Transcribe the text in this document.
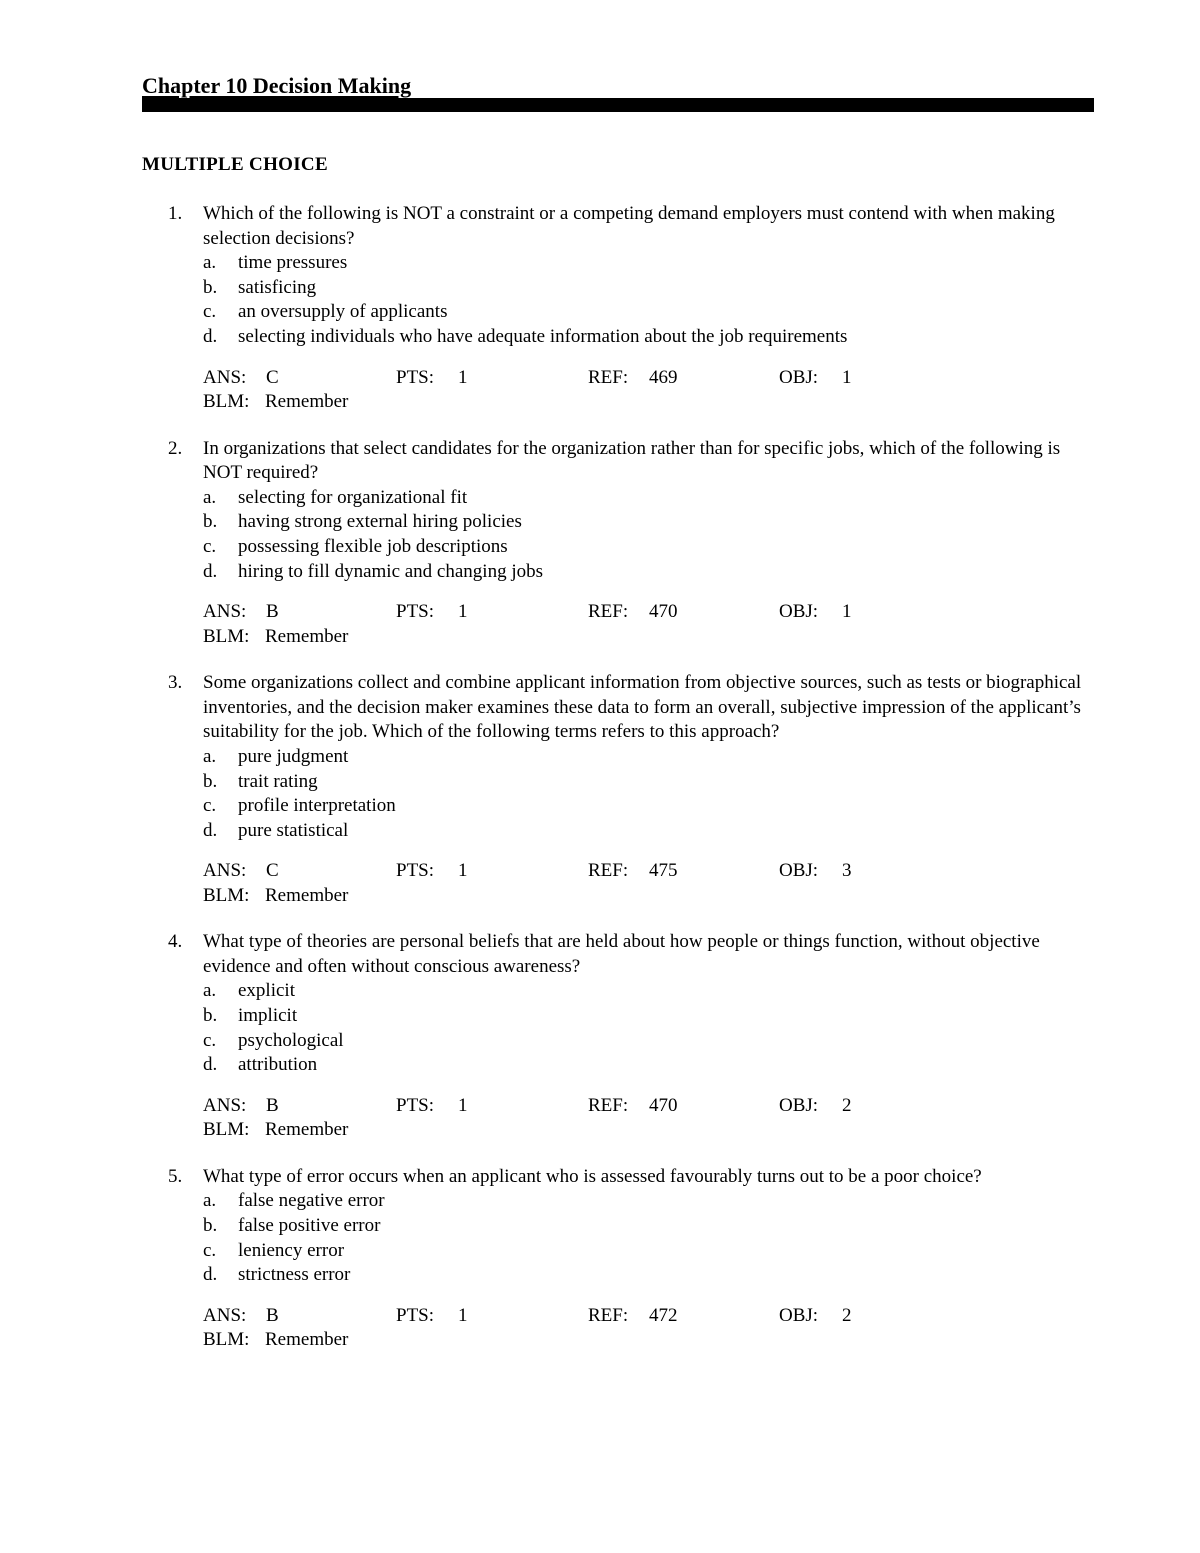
Chapter 10 Decision Making
MULTIPLE CHOICE
1. Which of the following is NOT a constraint or a competing demand employers must contend with when making selection decisions?
a. time pressures
b. satisficing
c. an oversupply of applicants
d. selecting individuals who have adequate information about the job requirements
ANS: C	PTS: 1	REF: 469	OBJ: 1
BLM: Remember
2. In organizations that select candidates for the organization rather than for specific jobs, which of the following is NOT required?
a. selecting for organizational fit
b. having strong external hiring policies
c. possessing flexible job descriptions
d. hiring to fill dynamic and changing jobs
ANS: B	PTS: 1	REF: 470	OBJ: 1
BLM: Remember
3. Some organizations collect and combine applicant information from objective sources, such as tests or biographical inventories, and the decision maker examines these data to form an overall, subjective impression of the applicant’s suitability for the job. Which of the following terms refers to this approach?
a. pure judgment
b. trait rating
c. profile interpretation
d. pure statistical
ANS: C	PTS: 1	REF: 475	OBJ: 3
BLM: Remember
4. What type of theories are personal beliefs that are held about how people or things function, without objective evidence and often without conscious awareness?
a. explicit
b. implicit
c. psychological
d. attribution
ANS: B	PTS: 1	REF: 470	OBJ: 2
BLM: Remember
5. What type of error occurs when an applicant who is assessed favourably turns out to be a poor choice?
a. false negative error
b. false positive error
c. leniency error
d. strictness error
ANS: B	PTS: 1	REF: 472	OBJ: 2
BLM: Remember
